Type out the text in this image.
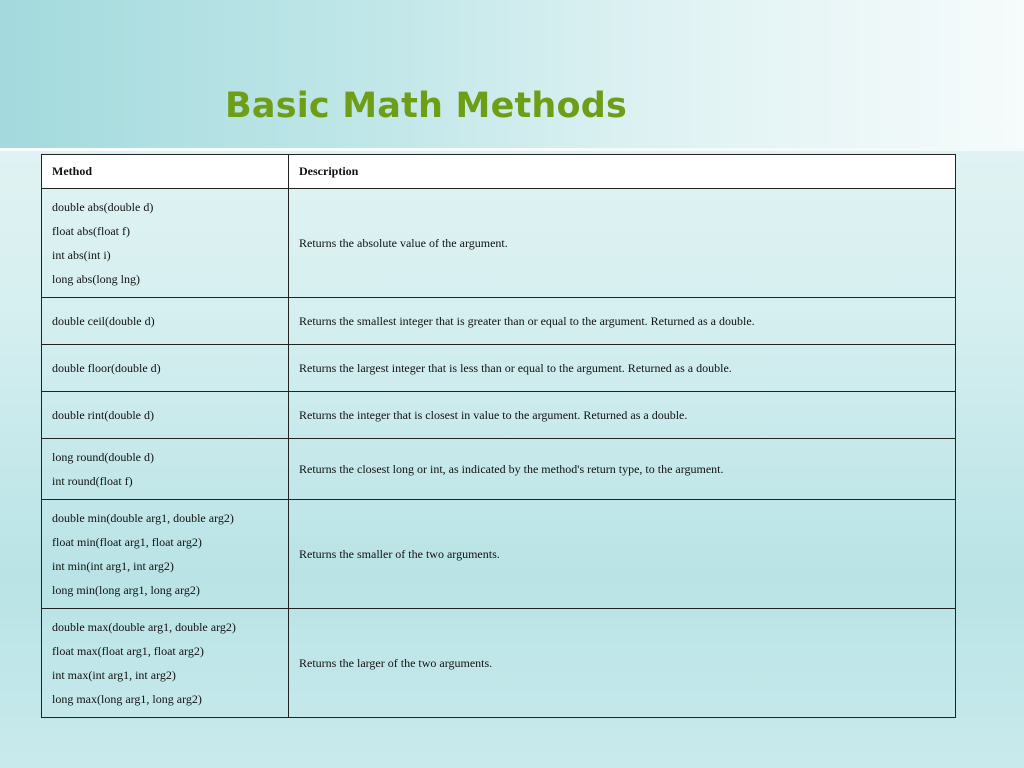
Basic Math Methods
Method	Description

double abs(double d)
float abs(float f)
int abs(int i)
long abs(long lng)	Returns the absolute value of the argument.

double ceil(double d)	Returns the smallest integer that is greater than or equal to the argument. Returned as a double.

double floor(double d)	Returns the largest integer that is less than or equal to the argument. Returned as a double.

double rint(double d)	Returns the integer that is closest in value to the argument. Returned as a double.

long round(double d)
int round(float f)	Returns the closest long or int, as indicated by the method's return type, to the argument.

double min(double arg1, double arg2)
float min(float arg1, float arg2)
int min(int arg1, int arg2)
long min(long arg1, long arg2)	Returns the smaller of the two arguments.

double max(double arg1, double arg2)
float max(float arg1, float arg2)
int max(int arg1, int arg2)
long max(long arg1, long arg2)	Returns the larger of the two arguments.
